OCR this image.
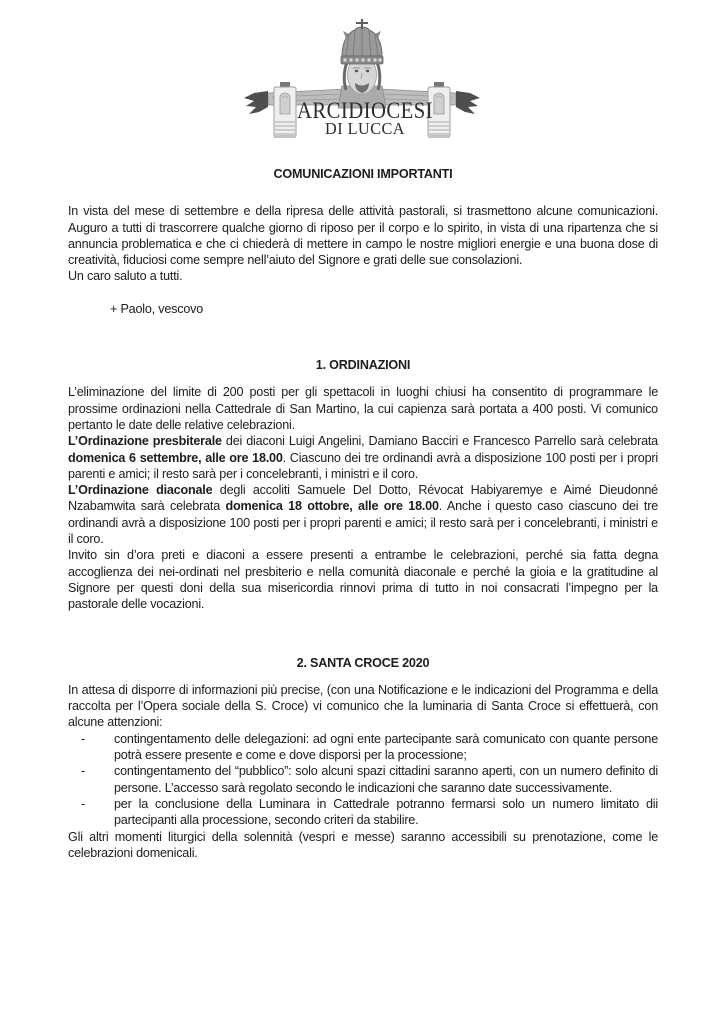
ARCIDIOCESI
DI LUCCA
COMUNICAZIONI IMPORTANTI
In vista del mese di settembre e della ripresa delle attività pastorali, si trasmettono alcune comunicazioni. Auguro a tutti di trascorrere qualche giorno di riposo per il corpo e lo spirito, in vista di una ripartenza che si annuncia problematica e che ci chiederà di mettere in campo le nostre migliori energie e una buona dose di creatività, fiduciosi come sempre nell’aiuto del Signore e grati delle sue consolazioni.
Un caro saluto a tutti.
+ Paolo, vescovo
1. ORDINAZIONI
L’eliminazione del limite di 200 posti per gli spettacoli in luoghi chiusi ha consentito di programmare le prossime ordinazioni nella Cattedrale di San Martino, la cui capienza sarà portata a 400 posti. Vi comunico pertanto le date delle relative celebrazioni.
L’Ordinazione presbiterale dei diaconi Luigi Angelini, Damiano Bacciri e Francesco Parrello sarà celebrata domenica 6 settembre, alle ore 18.00. Ciascuno dei tre ordinandi avrà a disposizione 100 posti per i propri parenti e amici; il resto sarà per i concelebranti, i ministri e il coro.
L’Ordinazione diaconale degli accoliti Samuele Del Dotto, Révocat Habiyaremye e Aimé Dieudonné Nzabamwita sarà celebrata domenica 18 ottobre, alle ore 18.00. Anche i questo caso ciascuno dei tre ordinandi avrà a disposizione 100 posti per i propri parenti e amici; il resto sarà per i concelebranti, i ministri e il coro.
Invito sin d’ora preti e diaconi a essere presenti a entrambe le celebrazioni, perché sia fatta degna accoglienza dei nei-ordinati nel presbiterio e nella comunità diaconale e perché la gioia e la gratitudine al Signore per questi doni della sua misericordia rinnovi prima di tutto in noi consacrati l’impegno per la pastorale delle vocazioni.
2. SANTA CROCE 2020
In attesa di disporre di informazioni più precise, (con una Notificazione e le indicazioni del Programma e della raccolta per l’Opera sociale della S. Croce) vi comunico che la luminaria di Santa Croce si effettuerà, con alcune attenzioni:
- contingentamento delle delegazioni: ad ogni ente partecipante sarà comunicato con quante persone potrà essere presente e come e dove disporsi per la processione;
- contingentamento del “pubblico”: solo alcuni spazi cittadini saranno aperti, con un numero definito di persone. L’accesso sarà regolato secondo le indicazioni che saranno date successivamente.
- per la conclusione della Luminara in Cattedrale potranno fermarsi solo un numero limitato dii partecipanti alla processione, secondo criteri da stabilire.
Gli altri momenti liturgici della solennità (vespri e messe) saranno accessibili su prenotazione, come le celebrazioni domenicali.
